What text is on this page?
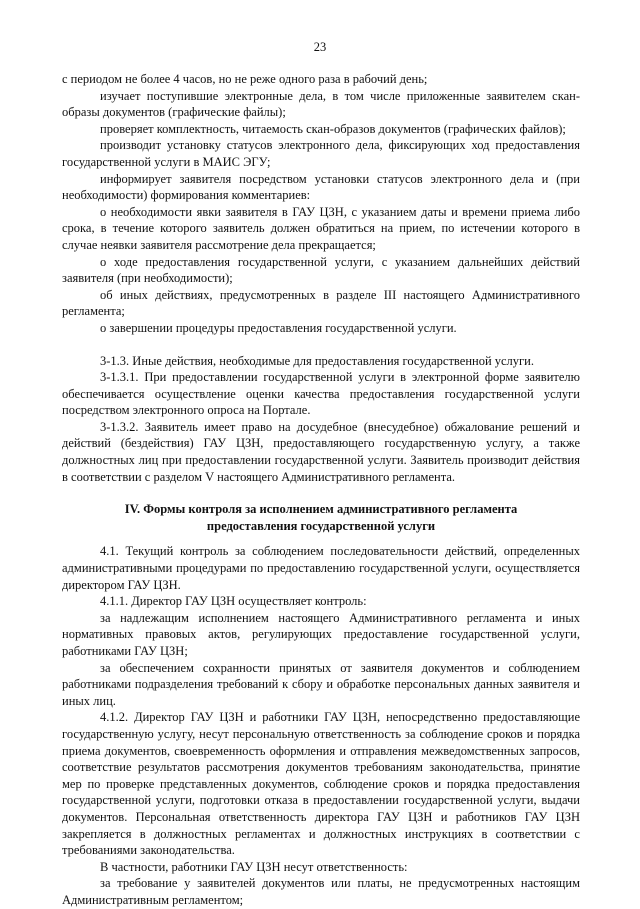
23

с периодом не более 4 часов, но не реже одного раза в рабочий день;

изучает поступившие электронные дела, в том числе приложенные заявителем скан-образы документов (графические файлы);

проверяет комплектность, читаемость скан-образов документов (графических файлов);

производит установку статусов электронного дела, фиксирующих ход предоставления государственной услуги в МАИС ЭГУ;

информирует заявителя посредством установки статусов электронного дела и (при необходимости) формирования комментариев:

о необходимости явки заявителя в ГАУ ЦЗН, с указанием даты и времени приема либо срока, в течение которого заявитель должен обратиться на прием, по истечении которого в случае неявки заявителя рассмотрение дела прекращается;

о ходе предоставления государственной услуги, с указанием дальнейших действий заявителя (при необходимости);

об иных действиях, предусмотренных в разделе III настоящего Административного регламента;

о завершении процедуры предоставления государственной услуги.

3-1.3. Иные действия, необходимые для предоставления государственной услуги.

3-1.3.1. При предоставлении государственной услуги в электронной форме заявителю обеспечивается осуществление оценки качества предоставления государственной услуги посредством электронного опроса на Портале.

3-1.3.2. Заявитель имеет право на досудебное (внесудебное) обжалование решений и действий (бездействия) ГАУ ЦЗН, предоставляющего государственную услугу, а также должностных лиц при предоставлении государственной услуги. Заявитель производит действия в соответствии с разделом V настоящего Административного регламента.

IV. Формы контроля за исполнением административного регламента предоставления государственной услуги

4.1. Текущий контроль за соблюдением последовательности действий, определенных административными процедурами по предоставлению государственной услуги, осуществляется директором ГАУ ЦЗН.

4.1.1. Директор ГАУ ЦЗН осуществляет контроль:

за надлежащим исполнением настоящего Административного регламента и иных нормативных правовых актов, регулирующих предоставление государственной услуги, работниками ГАУ ЦЗН;

за обеспечением сохранности принятых от заявителя документов и соблюдением работниками подразделения требований к сбору и обработке персональных данных заявителя и иных лиц.

4.1.2. Директор ГАУ ЦЗН и работники ГАУ ЦЗН, непосредственно предоставляющие государственную услугу, несут персональную ответственность за соблюдение сроков и порядка приема документов, своевременность оформления и отправления межведомственных запросов, соответствие результатов рассмотрения документов требованиям законодательства, принятие мер по проверке представленных документов, соблюдение сроков и порядка предоставления государственной услуги, подготовки отказа в предоставлении государственной услуги, выдачи документов. Персональная ответственность директора ГАУ ЦЗН и работников ГАУ ЦЗН закрепляется в должностных регламентах и должностных инструкциях в соответствии с требованиями законодательства.

В частности, работники ГАУ ЦЗН несут ответственность:

за требование у заявителей документов или платы, не предусмотренных настоящим Административным регламентом;
